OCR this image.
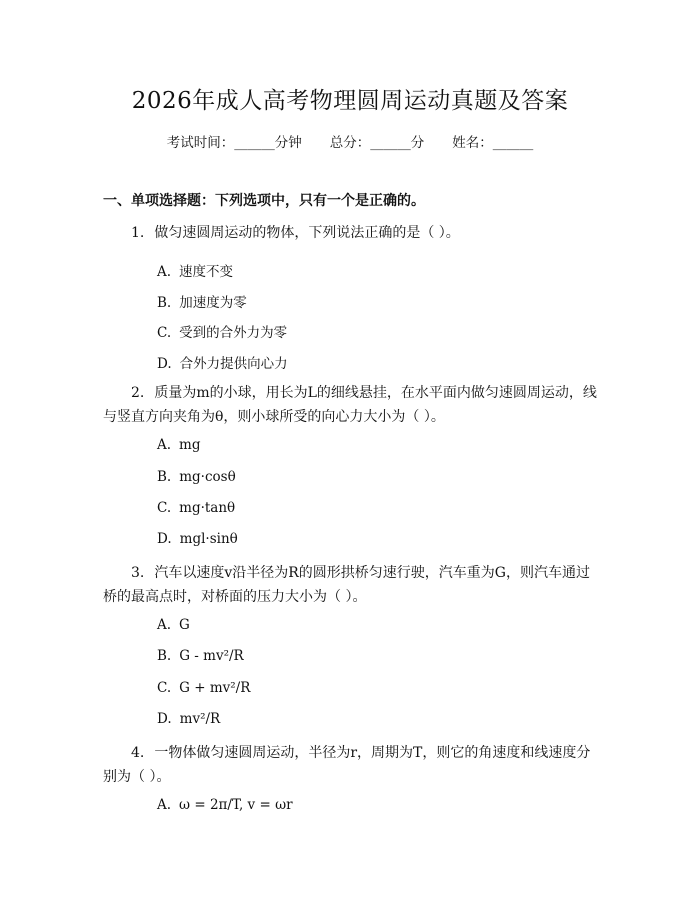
2026年成人高考物理圆周运动真题及答案
考试时间：______分钟 总分：______分 姓名：______
一、单项选择题：下列选项中，只有一个是正确的。
1. 做匀速圆周运动的物体，下列说法正确的是（ ）。
A. 速度不变
B. 加速度为零
C. 受到的合外力为零
D. 合外力提供向心力
2. 质量为m的小球，用长为L的细线悬挂，在水平面内做匀速圆周运动，线与竖直方向夹角为θ，则小球所受的向心力大小为（ ）。
A. mg
B. mg·cosθ
C. mg·tanθ
D. mgl·sinθ
3. 汽车以速度v沿半径为R的圆形拱桥匀速行驶，汽车重为G，则汽车通过桥的最高点时，对桥面的压力大小为（ ）。
A. G
B. G - mv²/R
C. G + mv²/R
D. mv²/R
4. 一物体做匀速圆周运动，半径为r，周期为T，则它的角速度和线速度分别为（ ）。
A. ω = 2π/T, v = ωr
